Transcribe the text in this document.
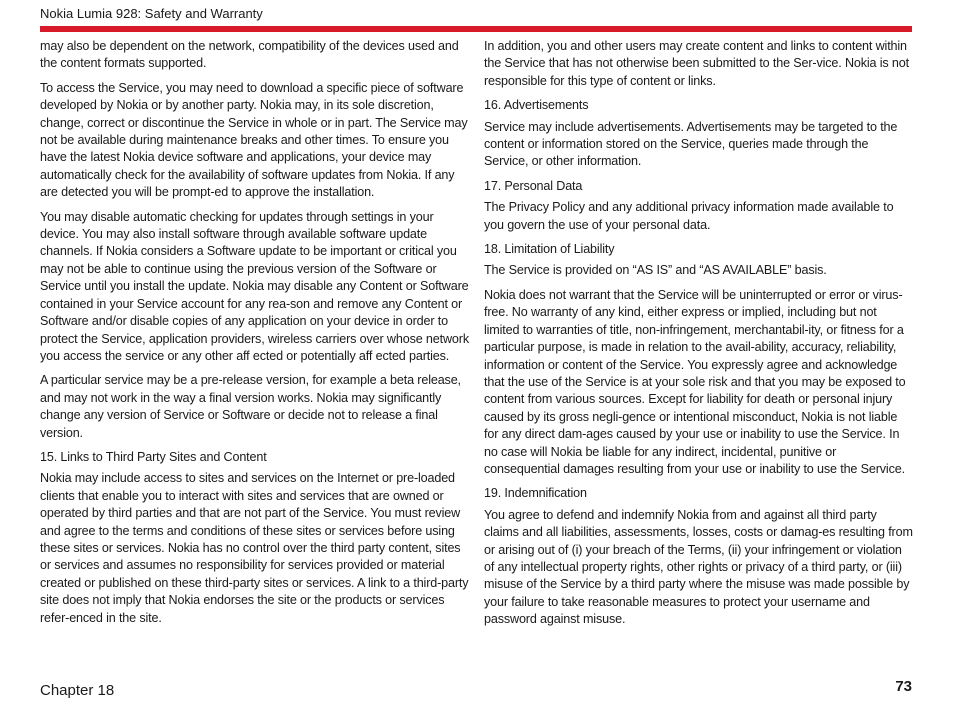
Nokia Lumia 928: Safety and Warranty

may also be dependent on the network, compatibility of the devices used and the content formats supported.

To access the Service, you may need to download a specific piece of software developed by Nokia or by another party. Nokia may, in its sole discretion, change, correct or discontinue the Service in whole or in part. The Service may not be available during maintenance breaks and other times. To ensure you have the latest Nokia device software and applications, your device may automatically check for the availability of software updates from Nokia. If any are detected you will be prompt-ed to approve the installation.

You may disable automatic checking for updates through settings in your device. You may also install software through available software update channels. If Nokia considers a Software update to be important or critical you may not be able to continue using the previous version of the Software or Service until you install the update. Nokia may disable any Content or Software contained in your Service account for any rea-son and remove any Content or Software and/or disable copies of any application on your device in order to protect the Service, application providers, wireless carriers over whose network you access the service or any other aff ected or potentially aff ected parties.

A particular service may be a pre-release version, for example a beta release, and may not work in the way a final version works. Nokia may significantly change any version of Service or Software or decide not to release a final version.

15. Links to Third Party Sites and Content

Nokia may include access to sites and services on the Internet or pre-loaded clients that enable you to interact with sites and services that are owned or operated by third parties and that are not part of the Service. You must review and agree to the terms and conditions of these sites or services before using these sites or services. Nokia has no control over the third party content, sites or services and assumes no responsibility for services provided or material created or published on these third-party sites or services. A link to a third-party site does not imply that Nokia endorses the site or the products or services refer-enced in the site.

In addition, you and other users may create content and links to content within the Service that has not otherwise been submitted to the Ser-vice. Nokia is not responsible for this type of content or links.

16. Advertisements

Service may include advertisements. Advertisements may be targeted to the content or information stored on the Service, queries made through the Service, or other information.

17. Personal Data

The Privacy Policy and any additional privacy information made available to you govern the use of your personal data.

18. Limitation of Liability

The Service is provided on “AS IS” and “AS AVAILABLE” basis.

Nokia does not warrant that the Service will be uninterrupted or error or virus-free. No warranty of any kind, either express or implied, including but not limited to warranties of title, non-infringement, merchantabil-ity, or fitness for a particular purpose, is made in relation to the avail-ability, accuracy, reliability, information or content of the Service. You expressly agree and acknowledge that the use of the Service is at your sole risk and that you may be exposed to content from various sources. Except for liability for death or personal injury caused by its gross negli-gence or intentional misconduct, Nokia is not liable for any direct dam-ages caused by your use or inability to use the Service. In no case will Nokia be liable for any indirect, incidental, punitive or consequential damages resulting from your use or inability to use the Service.

19. Indemnification

You agree to defend and indemnify Nokia from and against all third party claims and all liabilities, assessments, losses, costs or damag-es resulting from or arising out of (i) your breach of the Terms, (ii) your infringement or violation of any intellectual property rights, other rights or privacy of a third party, or (iii) misuse of the Service by a third party where the misuse was made possible by your failure to take reasonable measures to protect your username and password against misuse.

Chapter 18	73
